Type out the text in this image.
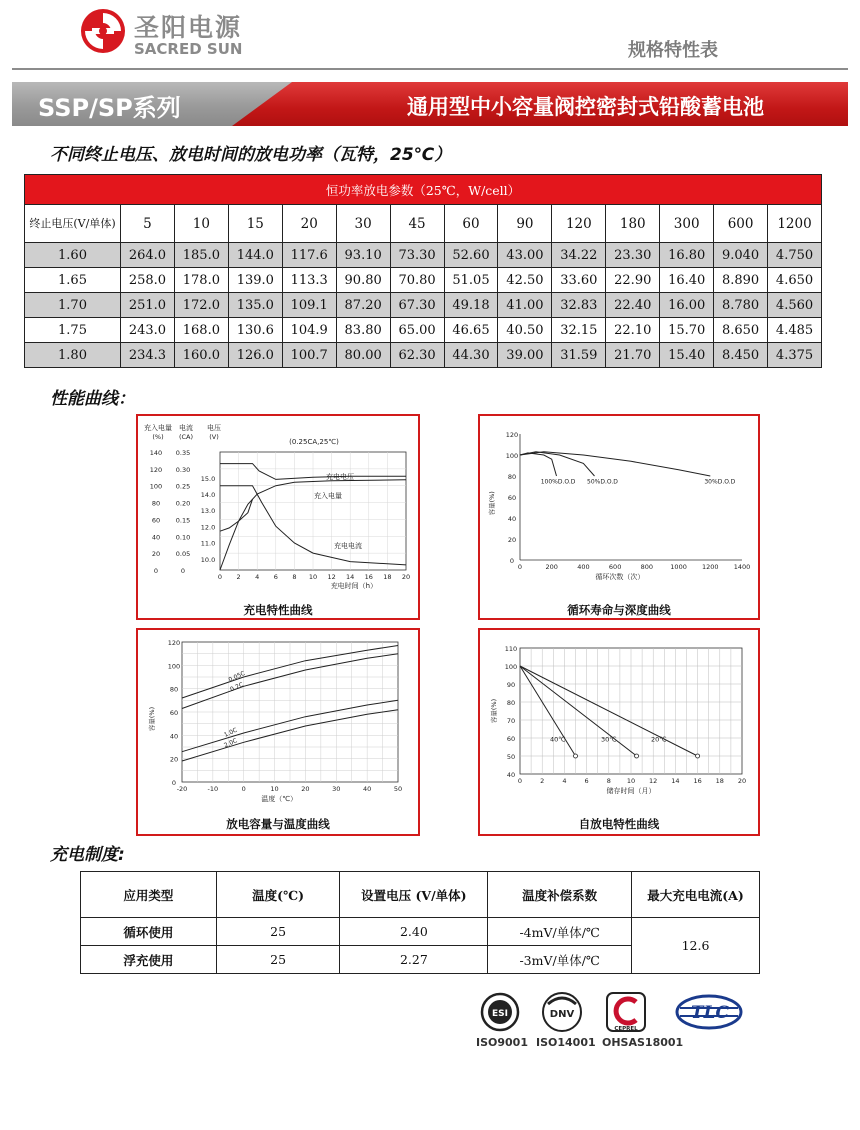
圣阳电源
SACRED SUN	规格特性表
SSP/SP系列	通用型中小容量阀控密封式铅酸蓄电池
不同终止电压、放电时间的放电功率（瓦特，25℃）
恒功率放电参数（25℃，W/cell）													
终止电压(V/单体)	5	10	15	20	30	45	60	90	120	180	300	600	1200
1.60	264.0	185.0	144.0	117.6	93.10	73.30	52.60	43.00	34.22	23.30	16.80	9.040	4.750
1.65	258.0	178.0	139.0	113.3	90.80	70.80	51.05	42.50	33.60	22.90	16.40	8.890	4.650
1.70	251.0	172.0	135.0	109.1	87.20	67.30	49.18	41.00	32.83	22.40	16.00	8.780	4.560
1.75	243.0	168.0	130.6	104.9	83.80	65.00	46.65	40.50	32.15	22.10	15.70	8.650	4.485
1.80	234.3	160.0	126.0	100.7	80.00	62.30	44.30	39.00	31.59	21.70	15.40	8.450	4.375
性能曲线：
充入电量 电流 电压
(%) (CA) (V)
(0.25CA,25℃)
140
120
100
80
60
40
20
0
0.35
0.30
0.25
0.20
0.15
0.10
0.05
0
15.0
14.0
13.0
12.0
11.0
10.0
0 2 4 6 8 10 12 14 16 18 20
充电时间（h）
充电电压
充入电量
充电电流
充电特性曲线
0	200	400	600	800	1000 1200 1400
120
100
80
60
40
20
0
循环次数（次）
容量(%)
100%D.O.D 50%D.O.D	30%D.O.D
循环寿命与深度曲线
-20	-10	0	10	20	30	40	50
120
100
80
60
40
20
0
温度（℃）
容量(%)
0.05C
0.2C
1.0C
2.0C
放电容量与温度曲线
0	2	4	6	8 10 12 14 16 18 20
110
100
90
80
70
60
50
40
储存时间（月）
容量(%)
40℃	30℃	20℃
自放电特性曲线
充电制度:
应用类型	温度(℃)	设置电压 (V/单体)	温度补偿系数	最大充电电流(A)
循环使用	25	2.40	-4mV/单体/℃	12.6
浮充使用	25	2.27	-3mV/单体/℃	
ESI	DNV
CEPREL
TLC
ISO9001 ISO14001 OHSAS18001
